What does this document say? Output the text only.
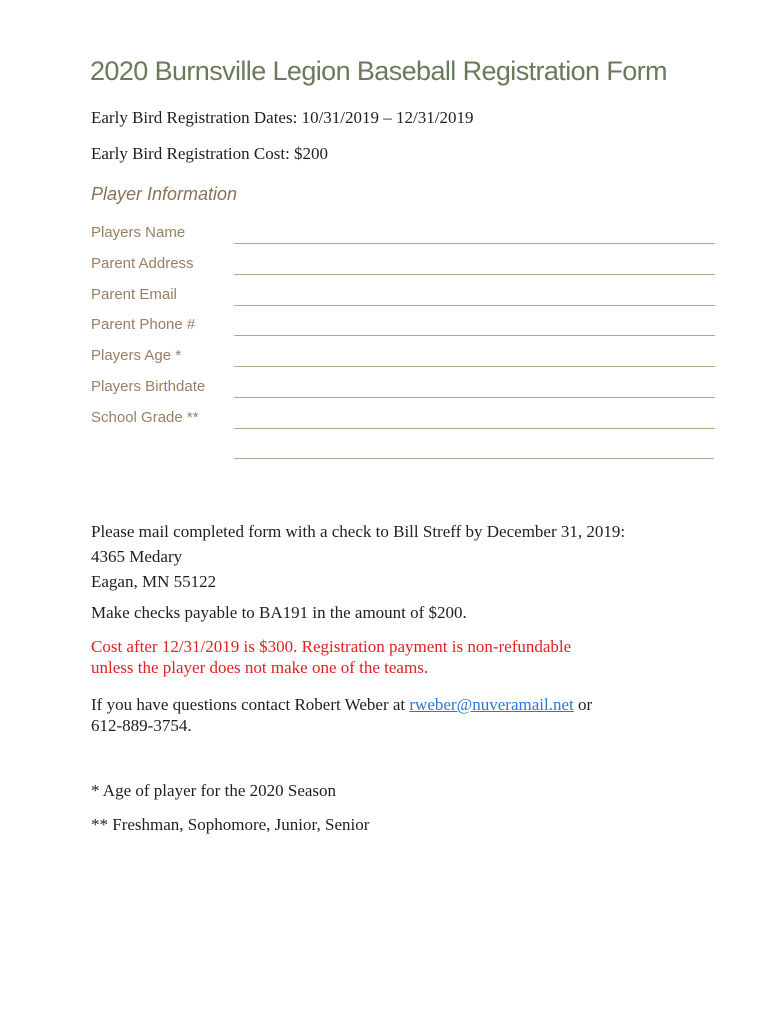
2020 Burnsville Legion Baseball Registration Form
Early Bird Registration Dates: 10/31/2019 – 12/31/2019
Early Bird Registration Cost: $200
Player Information
Players Name
Parent Address
Parent Email
Parent Phone #
Players Age *
Players Birthdate
School Grade **
Please mail completed form with a check to Bill Streff by December 31, 2019:
4365 Medary
Eagan, MN 55122
Make checks payable to BA191 in the amount of $200.
Cost after 12/31/2019 is $300. Registration payment is non-refundable
unless the player does not make one of the teams.
If you have questions contact Robert Weber at rweber@nuveramail.net or
612-889-3754.
* Age of player for the 2020 Season
** Freshman, Sophomore, Junior, Senior
